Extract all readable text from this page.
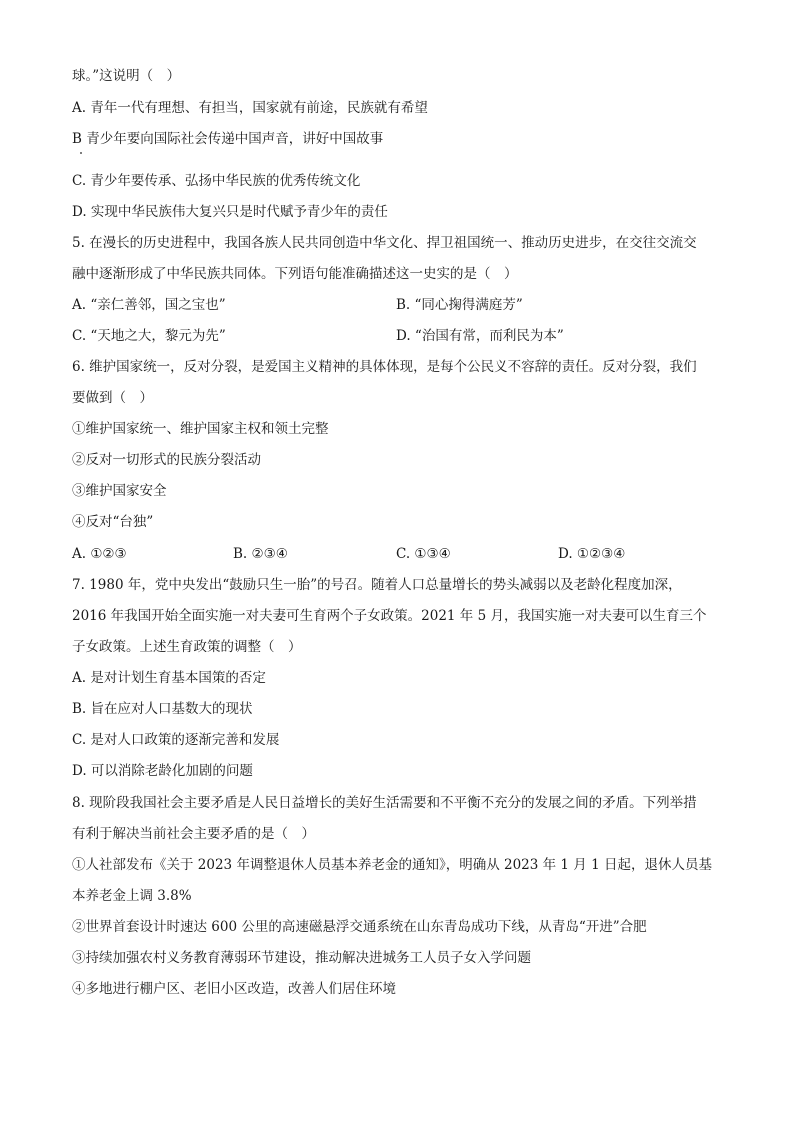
球。”这说明（　）
A. 青年一代有理想、有担当，国家就有前途，民族就有希望
B 青少年要向国际社会传递中国声音，讲好中国故事
C. 青少年要传承、弘扬中华民族的优秀传统文化
D. 实现中华民族伟大复兴只是时代赋予青少年的责任
5. 在漫长的历史进程中，我国各族人民共同创造中华文化、捍卫祖国统一、推动历史进步，在交往交流交
融中逐渐形成了中华民族共同体。下列语句能准确描述这一史实的是（　）
A. “亲仁善邻，国之宝也”	B. “同心掬得满庭芳”
C. “天地之大，黎元为先”	D. “治国有常，而利民为本”
6. 维护国家统一，反对分裂，是爱国主义精神的具体体现，是每个公民义不容辞的责任。反对分裂，我们
要做到（　）
①维护国家统一、维护国家主权和领土完整
②反对一切形式的民族分裂活动
③维护国家安全
④反对“台独”
A. ①②③	B. ②③④	C. ①③④	D. ①②③④
7. 1980 年，党中央发出“鼓励只生一胎”的号召。随着人口总量增长的势头减弱以及老龄化程度加深，
2016 年我国开始全面实施一对夫妻可生育两个子女政策。2021 年 5 月，我国实施一对夫妻可以生育三个
子女政策。上述生育政策的调整（　）
A. 是对计划生育基本国策的否定
B. 旨在应对人口基数大的现状
C. 是对人口政策的逐渐完善和发展
D. 可以消除老龄化加剧的问题
8. 现阶段我国社会主要矛盾是人民日益增长的美好生活需要和不平衡不充分的发展之间的矛盾。下列举措
有利于解决当前社会主要矛盾的是（　）
①人社部发布《关于 2023 年调整退休人员基本养老金的通知》，明确从 2023 年 1 月 1 日起，退休人员基
本养老金上调 3.8%
②世界首套设计时速达 600 公里的高速磁悬浮交通系统在山东青岛成功下线，从青岛“开进”合肥
③持续加强农村义务教育薄弱环节建设，推动解决进城务工人员子女入学问题
④多地进行棚户区、老旧小区改造，改善人们居住环境
